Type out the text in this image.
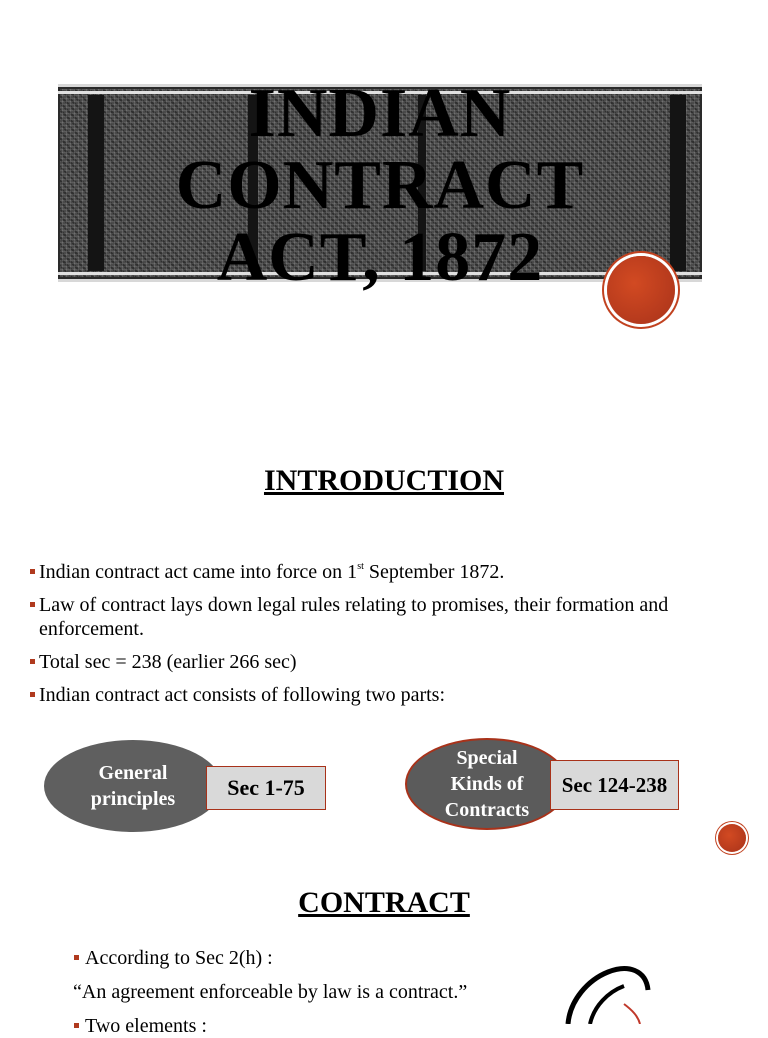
INDIAN
CONTRACT
ACT, 1872
INTRODUCTION
Indian contract act came into force on 1st September 1872.
Law of contract lays down legal rules relating to promises, their formation and enforcement.
Total sec = 238 (earlier 266 sec)
Indian contract act consists of following two parts:
General
principles	Sec 1-75
Special
Kinds of
Contracts
Sec 124-238
CONTRACT
According to Sec 2(h) :
“An agreement enforceable by law is a contract.”
Two elements :
